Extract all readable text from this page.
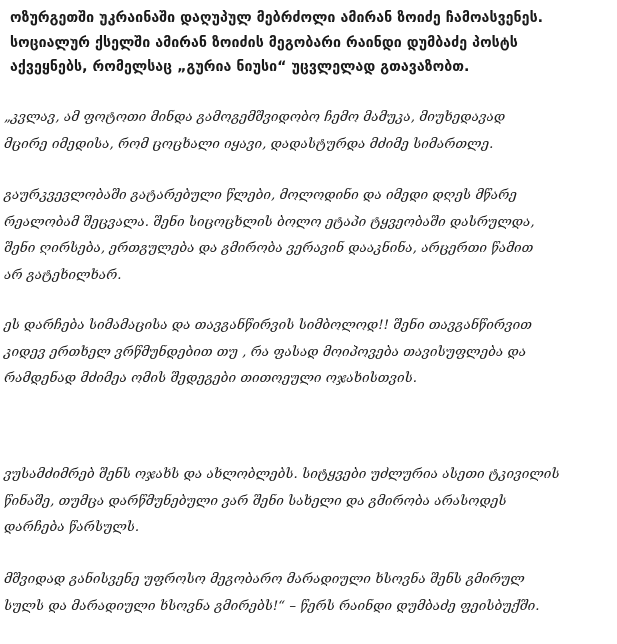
ოზურგეთში უკრაინაში დაღუპულ მებრძოლი ამირან ზოიძე ჩამოასვენეს.
სოციალურ ქსელში ამირან ზოიძის მეგობარი რაინდი დუმბაძე პოსტს
აქვეყნებს, რომელსაც „გურია ნიუსი“ უცვლელად გთავაზობთ.

„კვლავ, ამ ფოტოთი მინდა გამოგემშვიდობო ჩემო მამუკა, მიუხედავად
მცირე იმედისა, რომ ცოცხალი იყავი, დადასტურდა მძიმე სიმართლე.

გაურკვევლობაში გატარებული წლები, მოლოდინი და იმედი დღეს მწარე
რეალობამ შეცვალა. შენი სიცოცხლის ბოლო ეტაპი ტყვეობაში დასრულდა,
შენი ღირსება, ერთგულება და გმირობა ვერავინ დააკნინა, არცერთი წამით
არ გატეხილხარ.

ეს დარჩება სიმამაცისა და თავგანწირვის სიმბოლოდ!! შენი თავგანწირვით
კიდევ ერთხელ ვრწმუნდებით თუ , რა ფასად მოიპოვება თავისუფლება და
რამდენად მძიმეა ომის შედეგები თითოეული ოჯახისთვის.

ვუსამძიმრებ შენს ოჯახს და ახლობლებს. სიტყვები უძლურია ასეთი ტკივილის
წინაშე, თუმცა დარწმუნებული ვარ შენი სახელი და გმირობა არასოდეს
დარჩება წარსულს.

მშვიდად განისვენე უფროსო მეგობარო მარადიული ხსოვნა შენს გმირულ
სულს და მარადიული ხსოვნა გმირებს!“ – წერს რაინდი დუმბაძე ფეისბუქში.
